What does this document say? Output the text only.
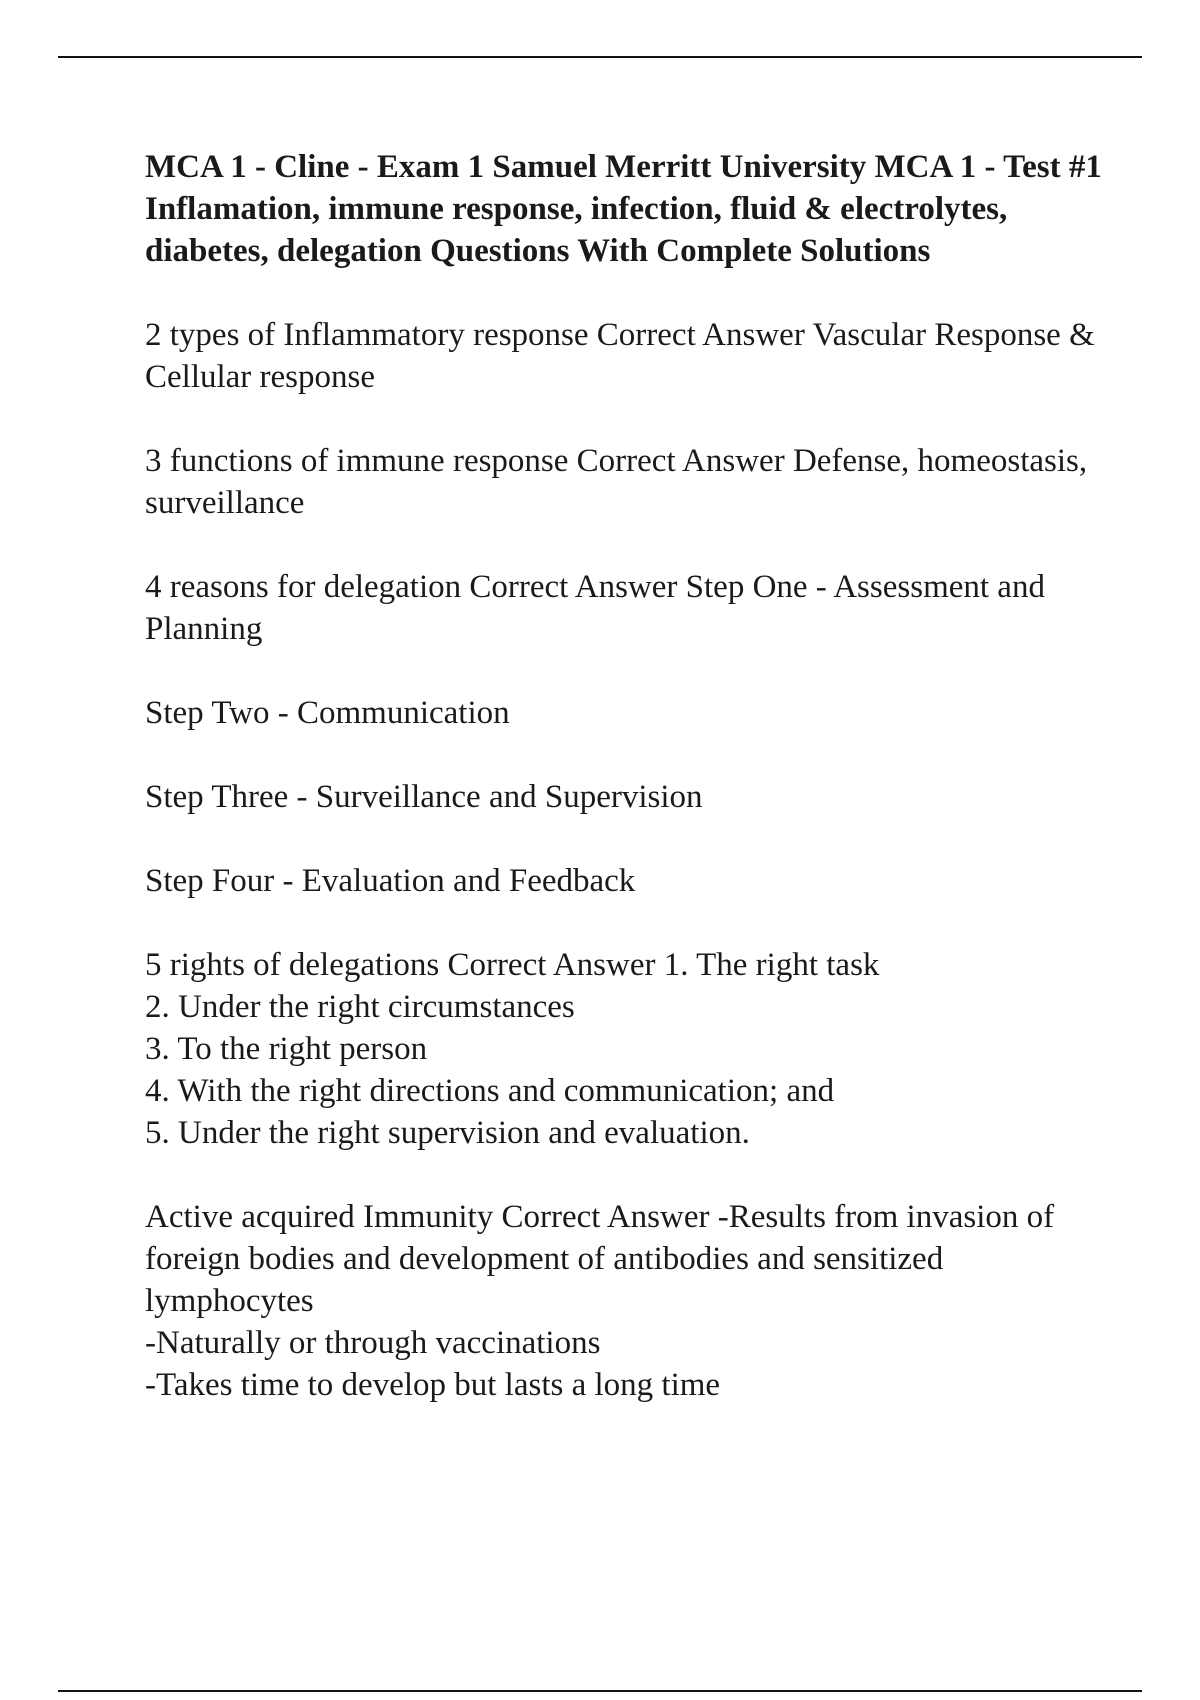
MCA 1 - Cline - Exam 1 Samuel Merritt University MCA 1 - Test #1 Inflamation, immune response, infection, fluid & electrolytes, diabetes, delegation Questions With Complete Solutions
2 types of Inflammatory response Correct Answer Vascular Response & Cellular response
3 functions of immune response Correct Answer Defense, homeostasis, surveillance
4 reasons for delegation Correct Answer Step One - Assessment and Planning
Step Two - Communication
Step Three - Surveillance and Supervision
Step Four - Evaluation and Feedback
5 rights of delegations Correct Answer 1. The right task
2. Under the right circumstances
3. To the right person
4. With the right directions and communication; and
5. Under the right supervision and evaluation.
Active acquired Immunity Correct Answer -Results from invasion of foreign bodies and development of antibodies and sensitized lymphocytes
-Naturally or through vaccinations
-Takes time to develop but lasts a long time
